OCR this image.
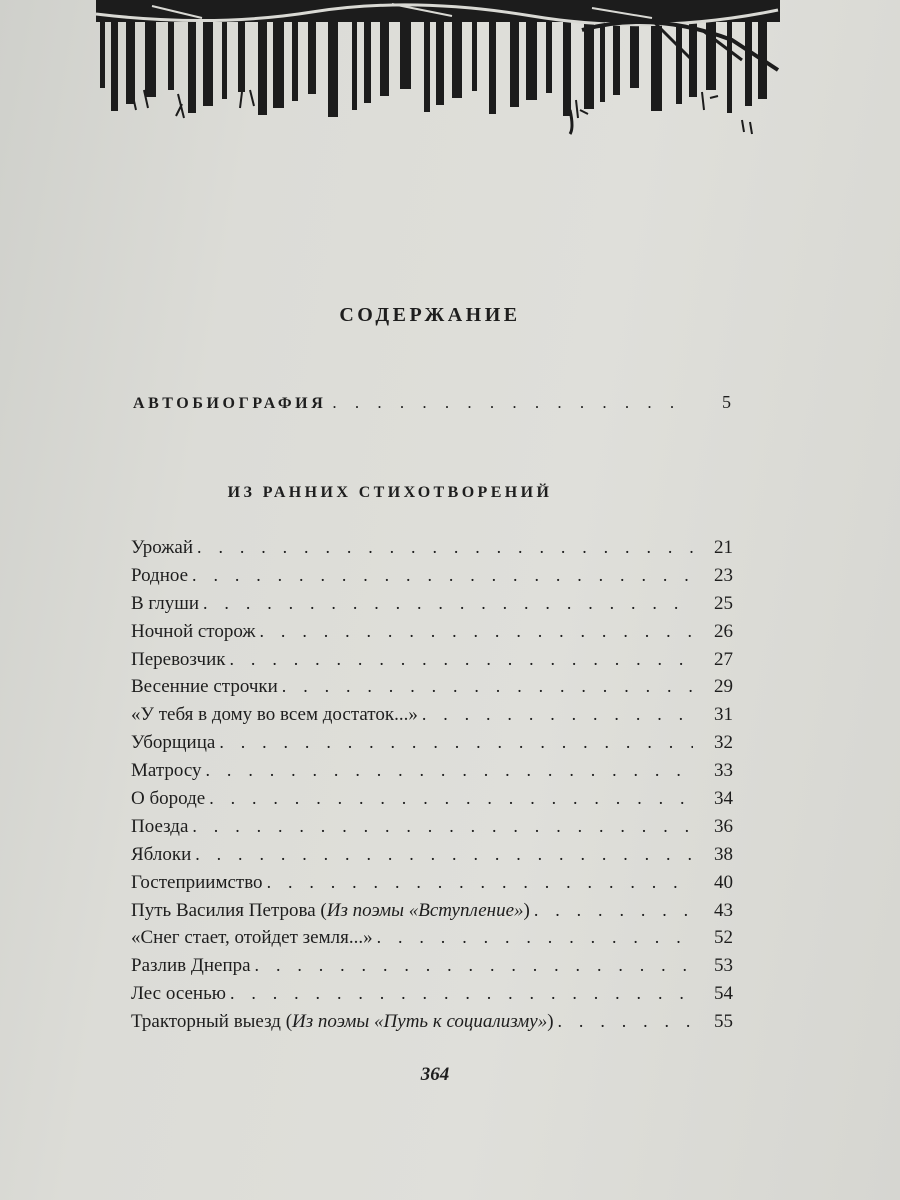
СОДЕРЖАНИЕ
АВТОБИОГРАФИЯ . . .	5
ИЗ РАННИХ СТИХОТВОРЕНИЙ
Урожай . . .	21
Родное . . .	23
В глуши . . .	25
Ночной сторож . . .	26
Перевозчик . . .	27
Весенние строчки . . .	29
«У тебя в дому во всем достаток...» . . .	31
Уборщица . . .	32
Матросу . . .	33
О бороде . . .	34
Поезда . . .	36
Яблоки . . .	38
Гостеприимство . . .	40
Путь Василия Петрова (Из поэмы «Вступление») . . .	43
«Снег стает, отойдет земля...» . . .	52
Разлив Днепра . . .	53
Лес осенью . . .	54
Тракторный выезд (Из поэмы «Путь к социализму») . . .	55
364
